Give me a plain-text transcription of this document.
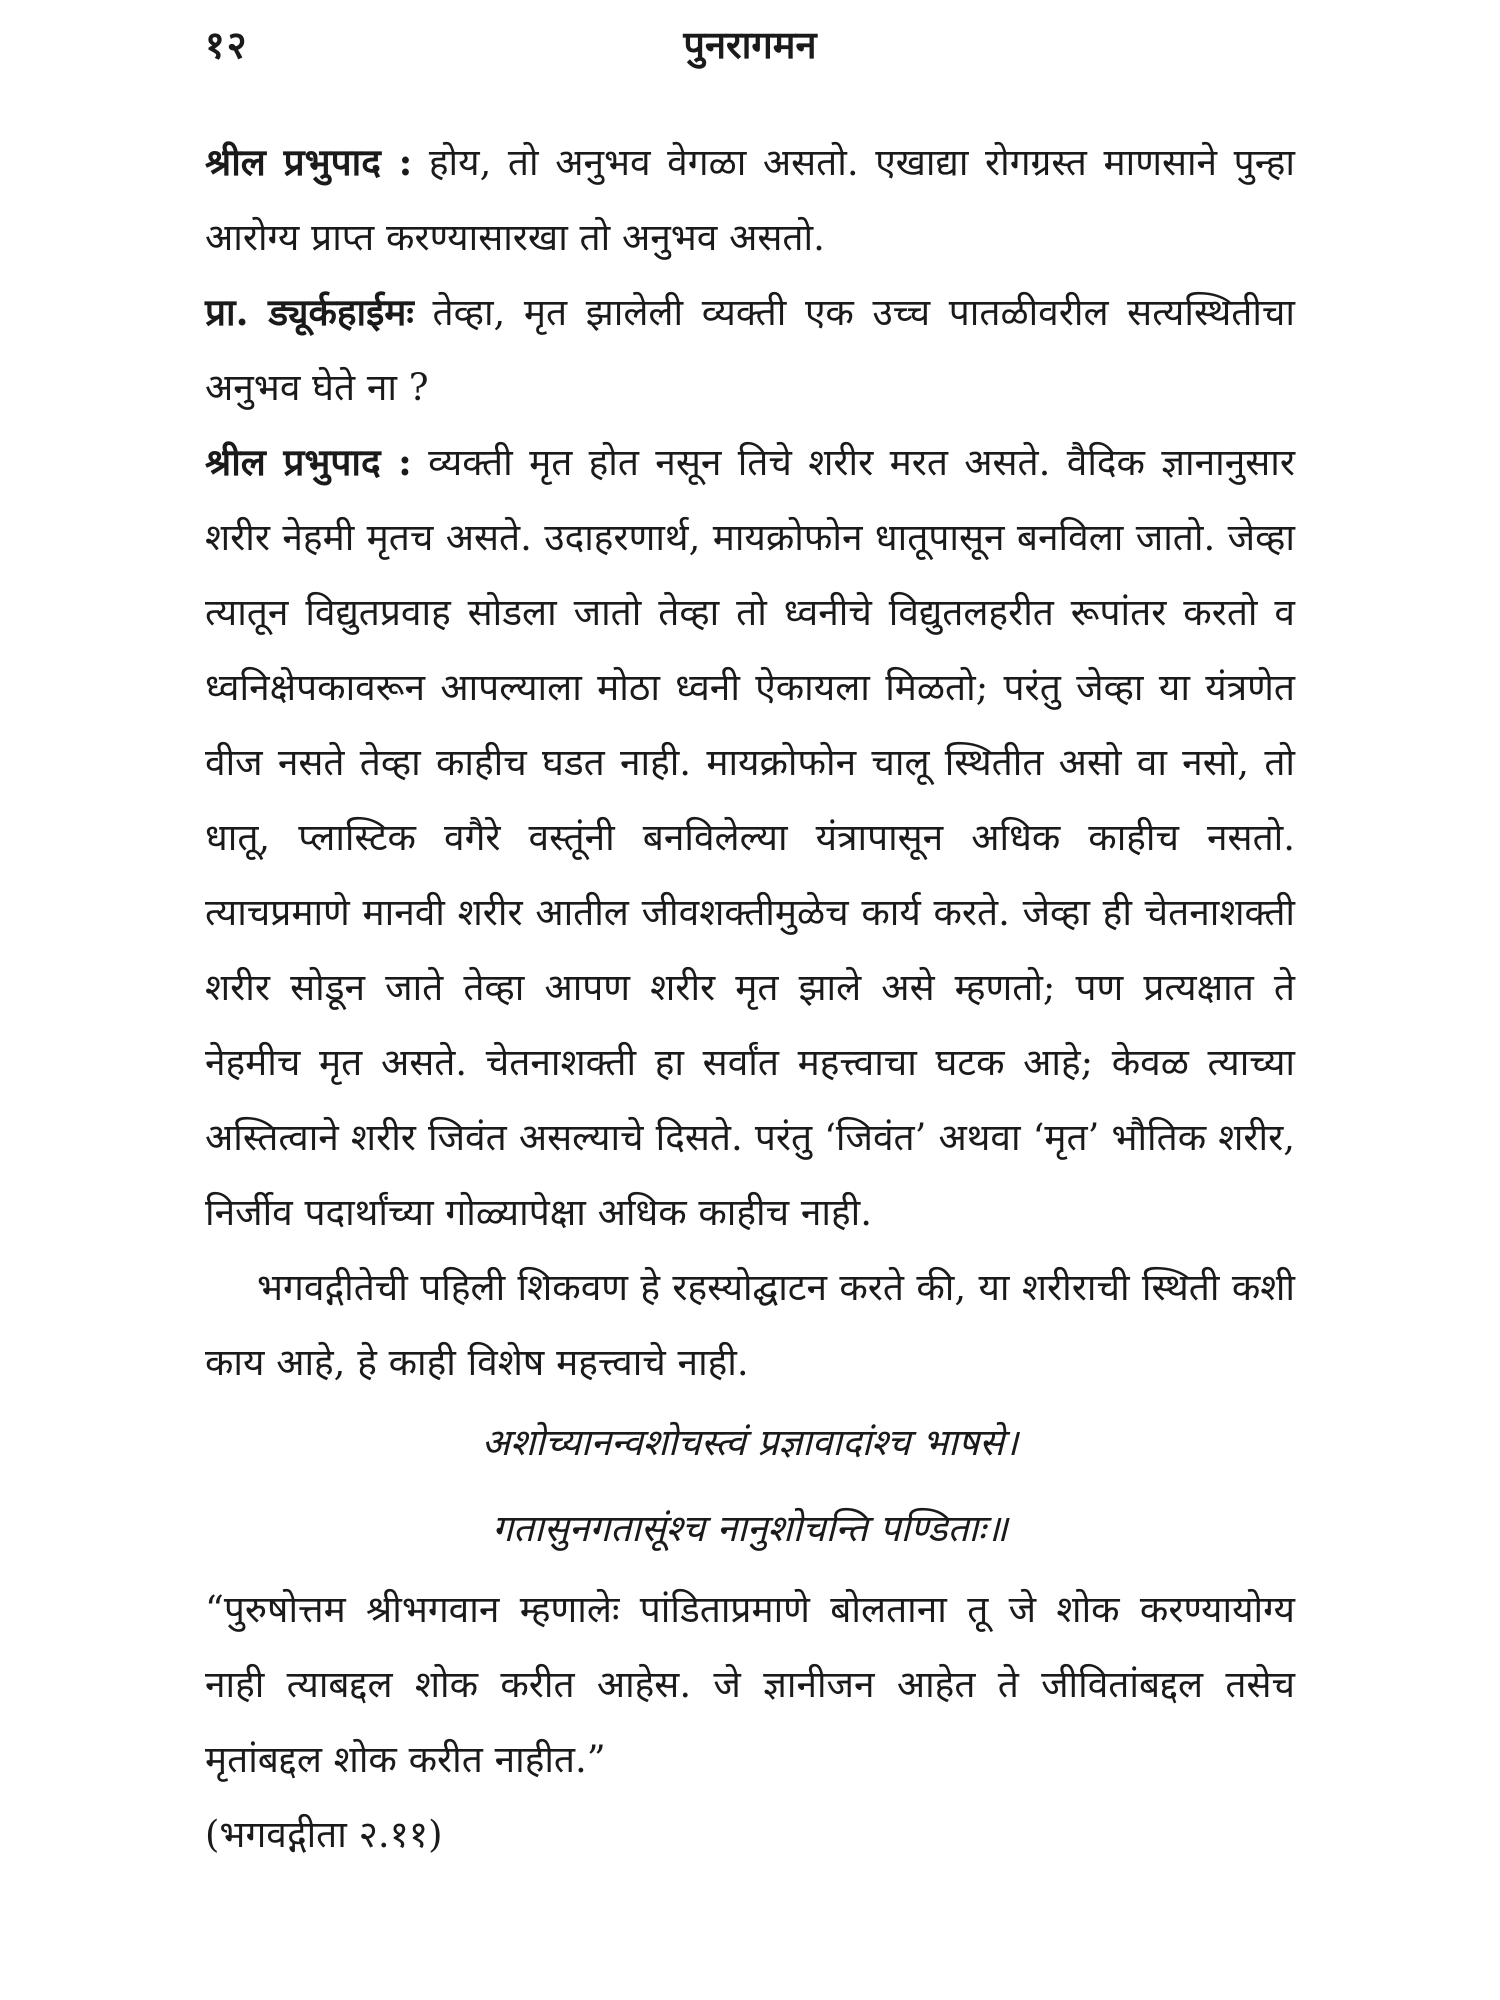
१२	पुनरागमन

श्रील प्रभुपाद : होय, तो अनुभव वेगळा असतो. एखाद्या रोगग्रस्त माणसाने पुन्हा आरोग्य प्राप्त करण्यासारखा तो अनुभव असतो.

प्रा. ड्यूर्कहाईमः तेव्हा, मृत झालेली व्यक्ती एक उच्च पातळीवरील सत्यस्थितीचा अनुभव घेते ना ?

श्रील प्रभुपाद : व्यक्ती मृत होत नसून तिचे शरीर मरत असते. वैदिक ज्ञानानुसार शरीर नेहमी मृतच असते. उदाहरणार्थ, मायक्रोफोन धातूपासून बनविला जातो. जेव्हा त्यातून विद्युतप्रवाह सोडला जातो तेव्हा तो ध्वनीचे विद्युतलहरीत रूपांतर करतो व ध्वनिक्षेपकावरून आपल्याला मोठा ध्वनी ऐकायला मिळतो; परंतु जेव्हा या यंत्रणेत वीज नसते तेव्हा काहीच घडत नाही. मायक्रोफोन चालू स्थितीत असो वा नसो, तो धातू, प्लास्टिक वगैरे वस्तूंनी बनविलेल्या यंत्रापासून अधिक काहीच नसतो. त्याचप्रमाणे मानवी शरीर आतील जीवशक्तीमुळेच कार्य करते. जेव्हा ही चेतनाशक्ती शरीर सोडून जाते तेव्हा आपण शरीर मृत झाले असे म्हणतो; पण प्रत्यक्षात ते नेहमीच मृत असते. चेतनाशक्ती हा सर्वांत महत्त्वाचा घटक आहे; केवळ त्याच्या अस्तित्वाने शरीर जिवंत असल्याचे दिसते. परंतु ‘जिवंत’ अथवा ‘मृत’ भौतिक शरीर, निर्जीव पदार्थांच्या गोळ्यापेक्षा अधिक काहीच नाही.

भगवद्गीतेची पहिली शिकवण हे रहस्योद्घाटन करते की, या शरीराची स्थिती कशी काय आहे, हे काही विशेष महत्त्वाचे नाही.

अशोच्यानन्वशोचस्त्वं प्रज्ञावादांश्च भाषसे।

गतासुनगतासूंश्च नानुशोचन्ति पण्डिताः॥

“पुरुषोत्तम श्रीभगवान म्हणालेः पांडिताप्रमाणे बोलताना तू जे शोक करण्यायोग्य नाही त्याबद्दल शोक करीत आहेस. जे ज्ञानीजन आहेत ते जीवितांबद्दल तसेच मृतांबद्दल शोक करीत नाहीत.”

(भगवद्गीता २.११)
